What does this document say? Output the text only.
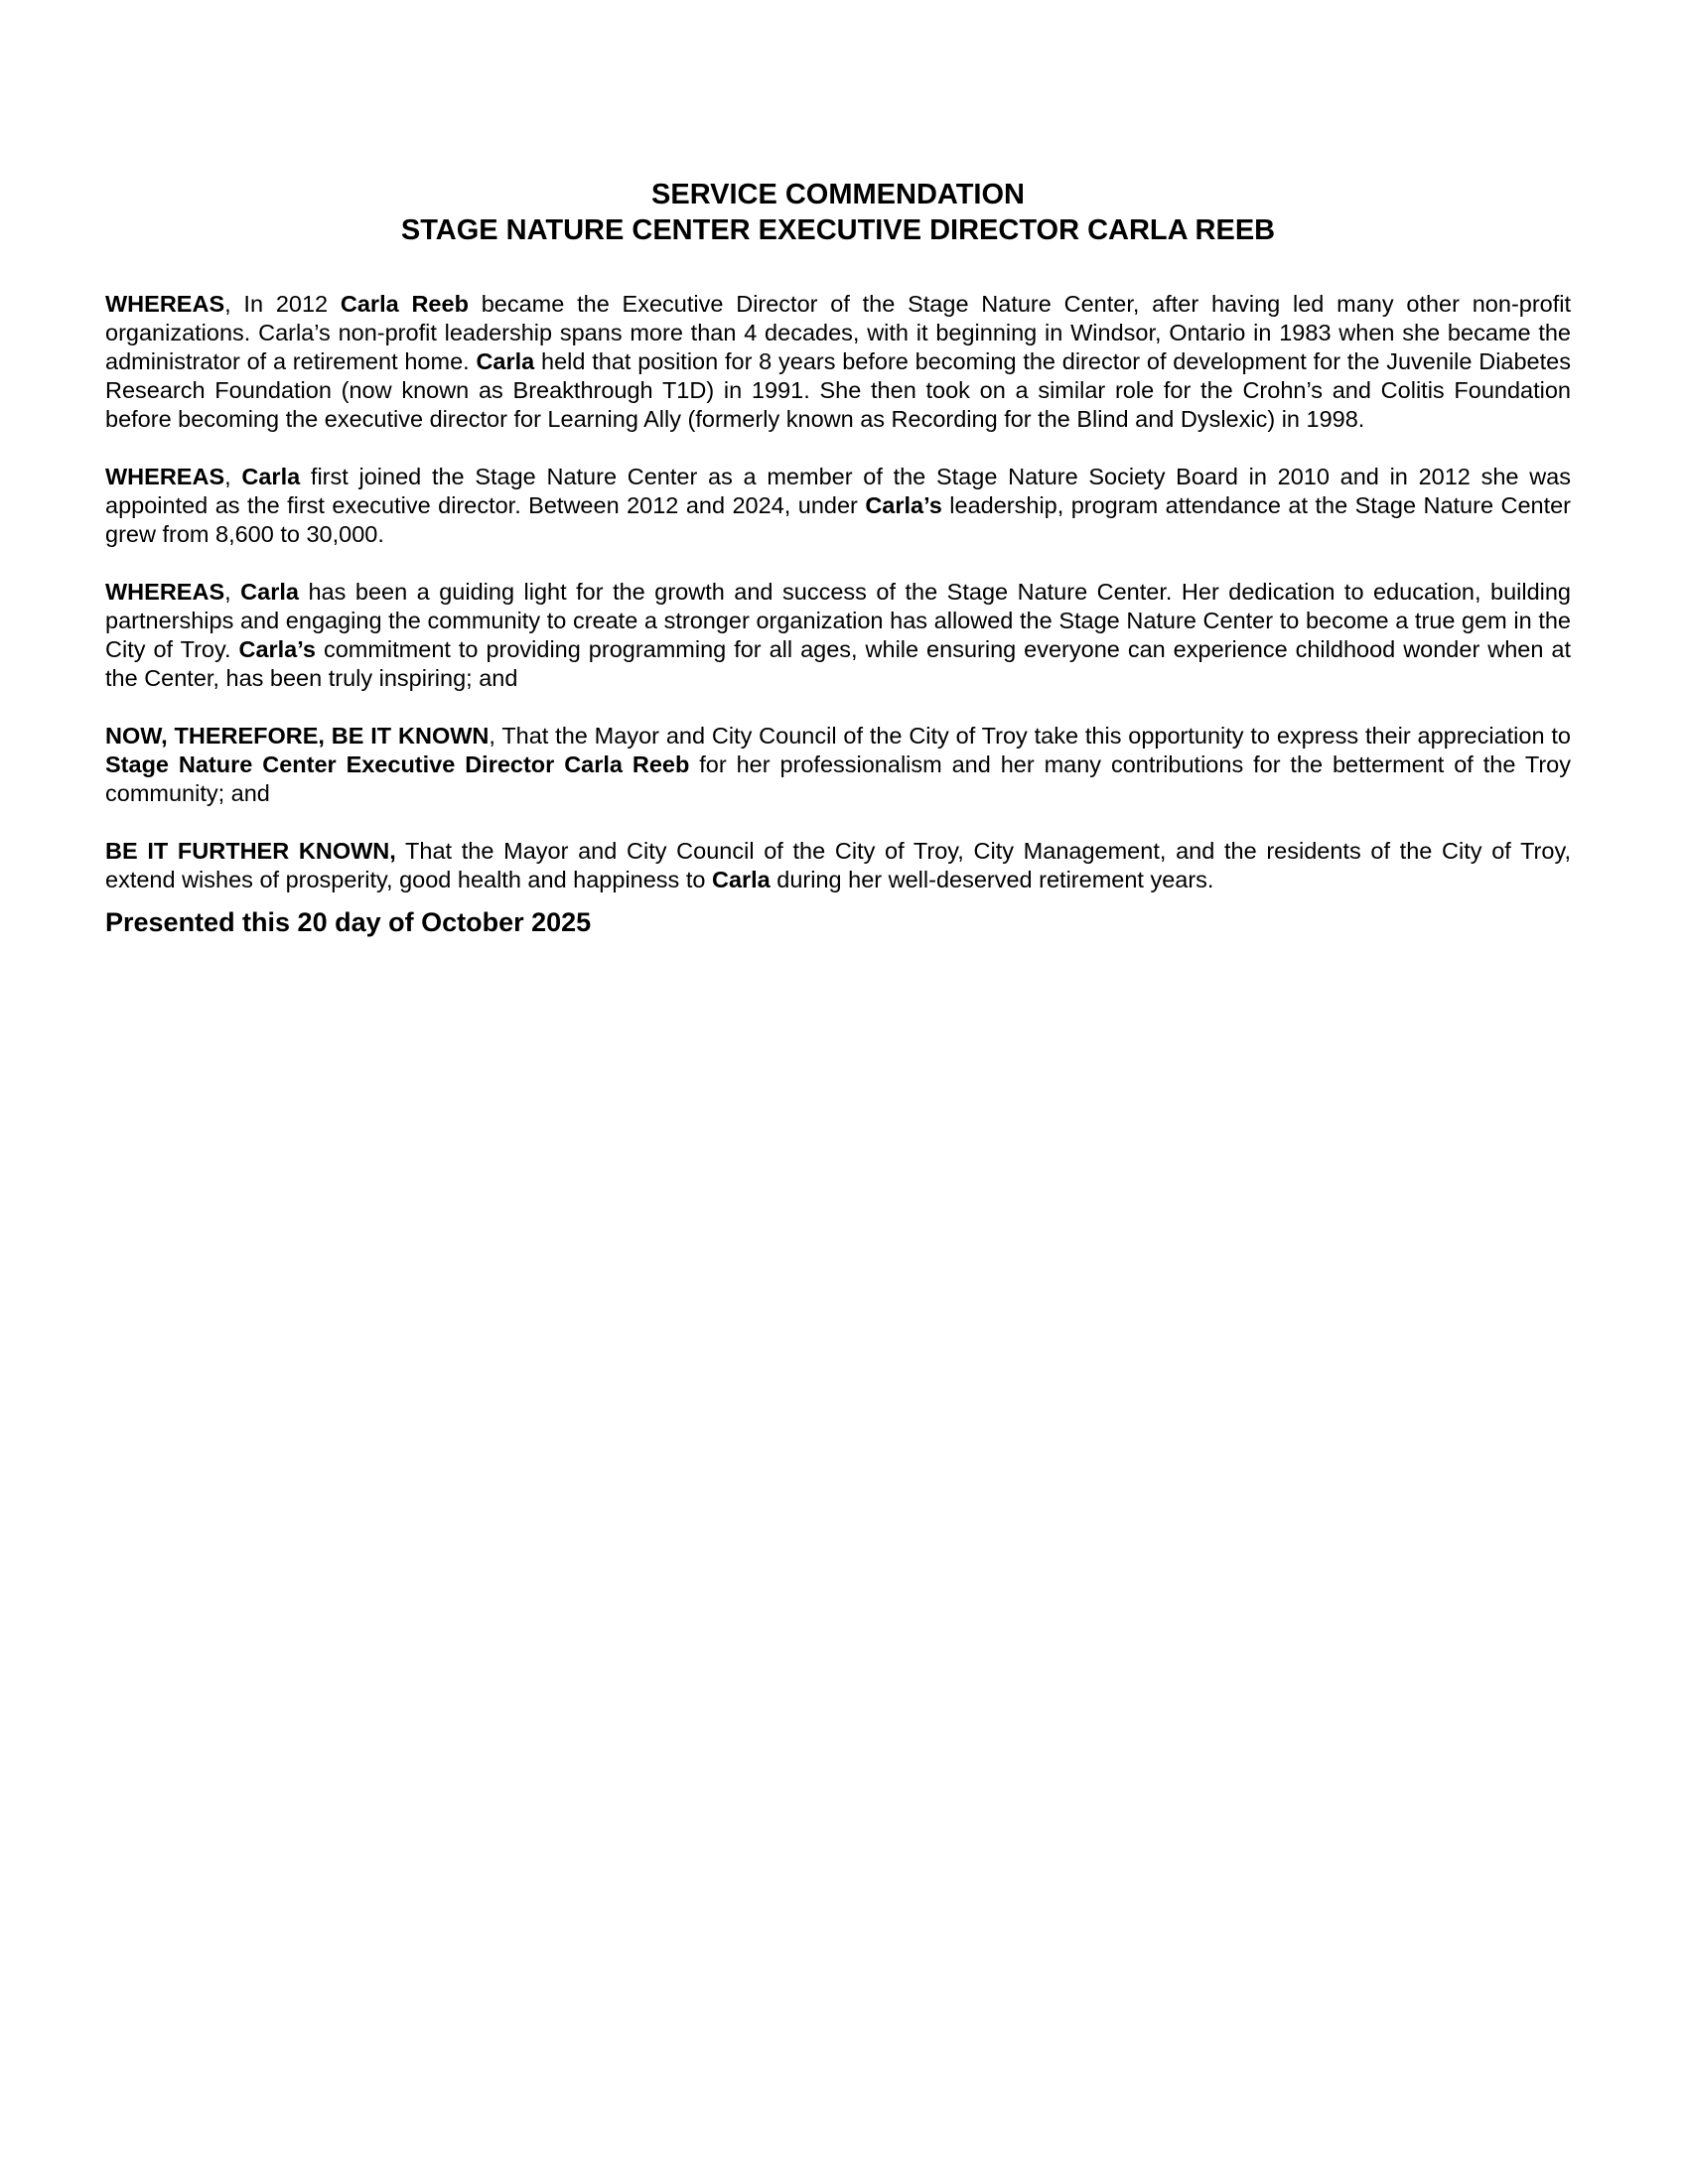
SERVICE COMMENDATION
STAGE NATURE CENTER EXECUTIVE DIRECTOR CARLA REEB

WHEREAS, In 2012 Carla Reeb became the Executive Director of the Stage Nature Center, after having led many other non-profit organizations. Carla’s non-profit leadership spans more than 4 decades, with it beginning in Windsor, Ontario in 1983 when she became the administrator of a retirement home. Carla held that position for 8 years before becoming the director of development for the Juvenile Diabetes Research Foundation (now known as Breakthrough T1D) in 1991. She then took on a similar role for the Crohn’s and Colitis Foundation before becoming the executive director for Learning Ally (formerly known as Recording for the Blind and Dyslexic) in 1998.

WHEREAS, Carla first joined the Stage Nature Center as a member of the Stage Nature Society Board in 2010 and in 2012 she was appointed as the first executive director. Between 2012 and 2024, under Carla’s leadership, program attendance at the Stage Nature Center grew from 8,600 to 30,000.

WHEREAS, Carla has been a guiding light for the growth and success of the Stage Nature Center. Her dedication to education, building partnerships and engaging the community to create a stronger organization has allowed the Stage Nature Center to become a true gem in the City of Troy. Carla’s commitment to providing programming for all ages, while ensuring everyone can experience childhood wonder when at the Center, has been truly inspiring; and

NOW, THEREFORE, BE IT KNOWN, That the Mayor and City Council of the City of Troy take this opportunity to express their appreciation to Stage Nature Center Executive Director Carla Reeb for her professionalism and her many contributions for the betterment of the Troy community; and

BE IT FURTHER KNOWN, That the Mayor and City Council of the City of Troy, City Management, and the residents of the City of Troy, extend wishes of prosperity, good health and happiness to Carla during her well-deserved retirement years.

Presented this 20 day of October 2025
